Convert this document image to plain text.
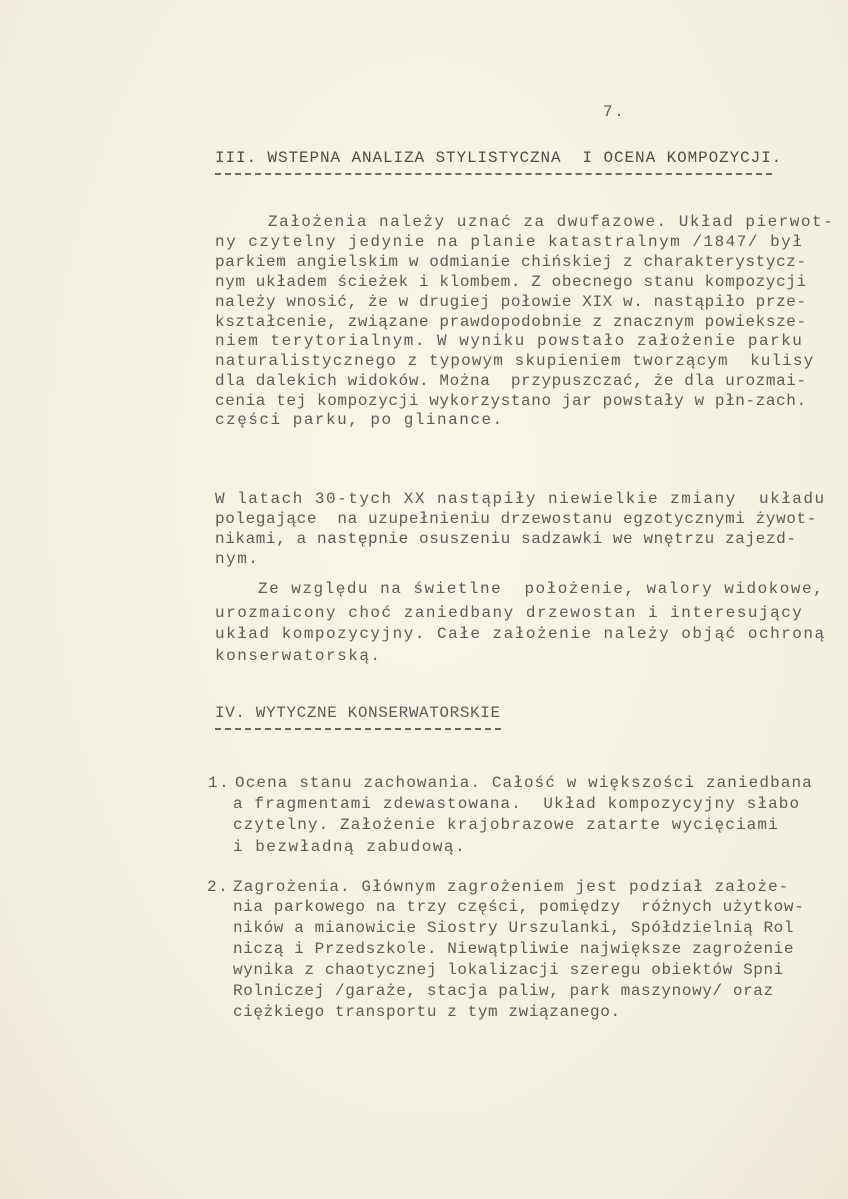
7.
III. WSTEPNA ANALIZA STYLISTYCZNA  I OCENA KOMPOZYCJI.
Założenia należy uznać za dwufazowe. Układ pierwot-
ny czytelny jedynie na planie katastralnym /1847/ był
parkiem angielskim w odmianie chińskiej z charakterystycz-
nym układem ścieżek i klombem. Z obecnego stanu kompozycji
należy wnosić, że w drugiej połowie XIX w. nastąpiło prze-
kształcenie, związane prawdopodobnie z znacznym powiekszе-
niem terytorialnym. W wyniku powstało założenie parku
naturalistycznego z typowym skupieniem tworzącym  kulisy
dla dalekich widoków. Można  przypuszczać, że dla urozmai-
cenia tej kompozycji wykorzystano jar powstały w płn-zach.
części parku, po glinance.
W latach 30-tych XX nastąpiły niewielkie zmiany  układu
polegające  na uzupełnieniu drzewostanu egzotycznymi żywot-
nikami, a następnie osuszeniu sadzawki we wnętrzu zajezd-
nym.
Ze względu na świetlne  położenie, walory widokowe,
urozmaicony choć zaniedbany drzewostan i interesujący
układ kompozycyjny. Całe założenie należy objąć ochroną
konserwatorską.
IV. WYTYCZNE KONSERWATORSKIE
1. Ocena stanu zachowania. Całość w większości zaniedbana
a fragmentami zdewastowana.  Układ kompozycyjny słabo
czytelny. Założenie krajobrazowe zatarte wycięciami
i bezwładną zabudową.
2. Zagrożenia. Głównym zagrożeniem jest podział założe-
nia parkowego na trzy części, pomiędzy  różnych użytkow-
ników a mianowicie Siostry Urszulanki, Spółdzielnią Rol
niczą i Przedszkole. Niewątpliwie największe zagrożenie
wynika z chaotycznej lokalizacji szeregu obiektów Spni
Rolniczej /garaże, stacja paliw, park maszynowy/ oraz
ciężkiego transportu z tym związanego.
